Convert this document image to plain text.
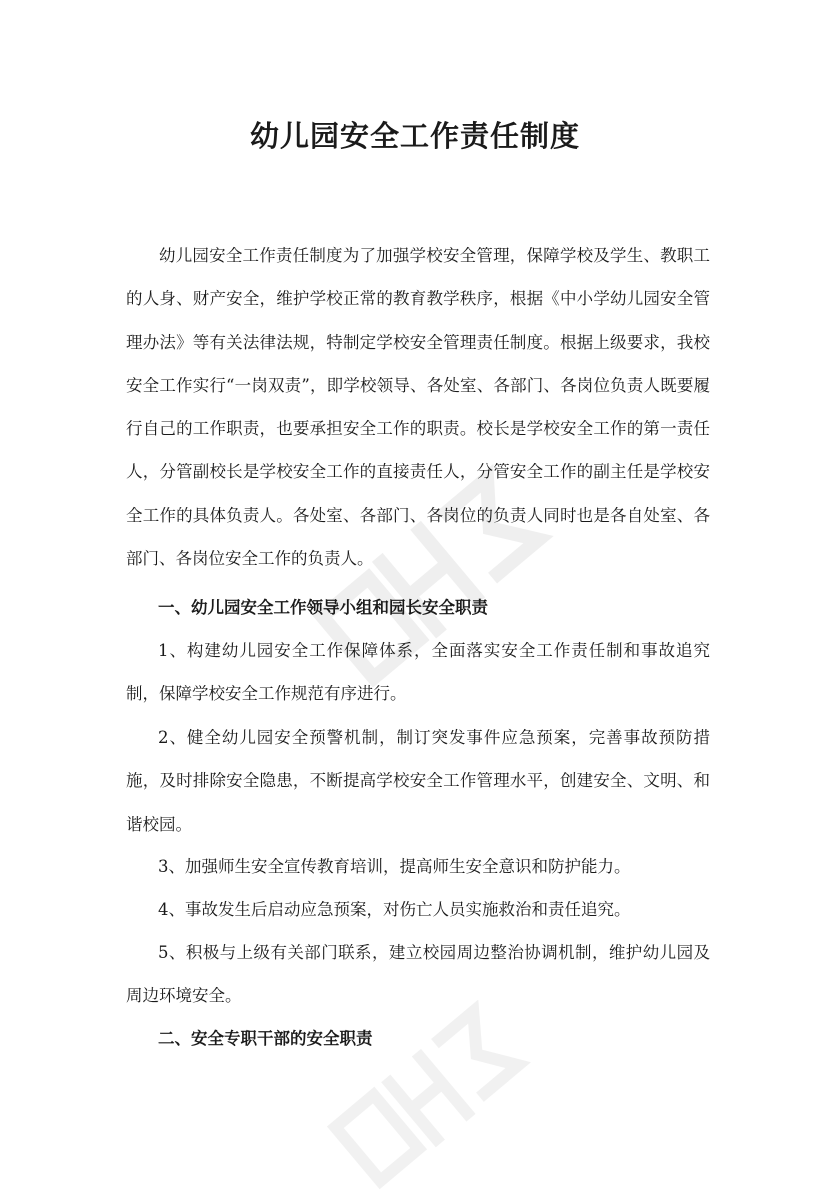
幼儿园安全工作责任制度

幼儿园安全工作责任制度为了加强学校安全管理，保障学校及学生、教职工的人身、财产安全，维护学校正常的教育教学秩序，根据《中小学幼儿园安全管理办法》等有关法律法规，特制定学校安全管理责任制度。根据上级要求，我校安全工作实行“一岗双责”，即学校领导、各处室、各部门、各岗位负责人既要履行自己的工作职责，也要承担安全工作的职责。校长是学校安全工作的第一责任人，分管副校长是学校安全工作的直接责任人，分管安全工作的副主任是学校安全工作的具体负责人。各处室、各部门、各岗位的负责人同时也是各自处室、各部门、各岗位安全工作的负责人。

一、幼儿园安全工作领导小组和园长安全职责

1、构建幼儿园安全工作保障体系，全面落实安全工作责任制和事故追究制，保障学校安全工作规范有序进行。

2、健全幼儿园安全预警机制，制订突发事件应急预案，完善事故预防措施，及时排除安全隐患，不断提高学校安全工作管理水平，创建安全、文明、和谐校园。

3、加强师生安全宣传教育培训，提高师生安全意识和防护能力。

4、事故发生后启动应急预案，对伤亡人员实施救治和责任追究。

5、积极与上级有关部门联系，建立校园周边整治协调机制，维护幼儿园及周边环境安全。

二、安全专职干部的安全职责
